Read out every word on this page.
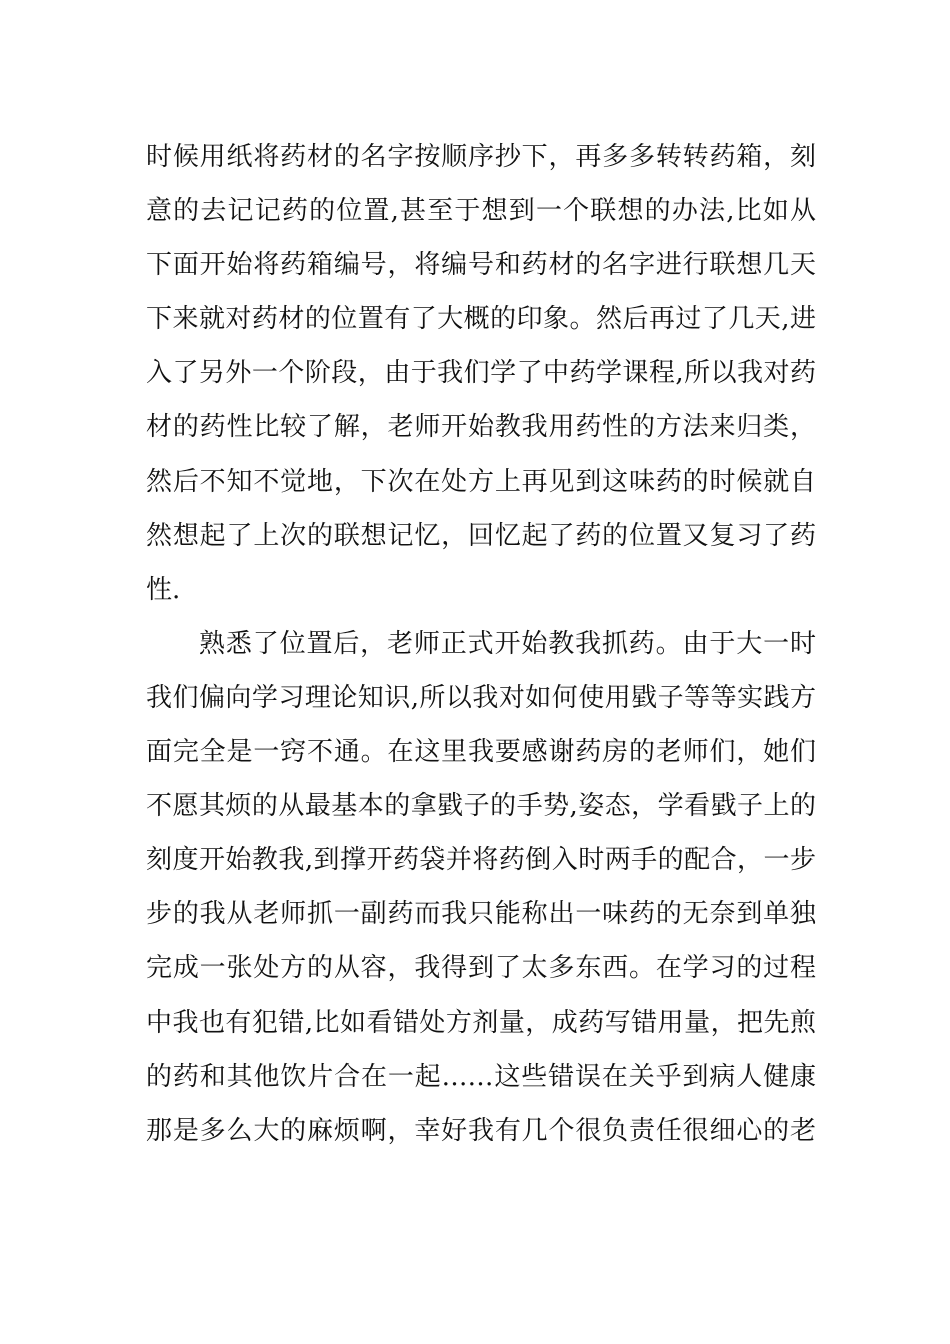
时候用纸将药材的名字按顺序抄下，再多多转转药箱，刻
意的去记记药的位置,甚至于想到一个联想的办法,比如从
下面开始将药箱编号，将编号和药材的名字进行联想几天
下来就对药材的位置有了大概的印象。然后再过了几天,进
入了另外一个阶段，由于我们学了中药学课程,所以我对药
材的药性比较了解，老师开始教我用药性的方法来归类，
然后不知不觉地，下次在处方上再见到这味药的时候就自
然想起了上次的联想记忆，回忆起了药的位置又复习了药
性.
熟悉了位置后，老师正式开始教我抓药。由于大一时
我们偏向学习理论知识,所以我对如何使用戥子等等实践方
面完全是一窍不通。在这里我要感谢药房的老师们，她们
不愿其烦的从最基本的拿戥子的手势,姿态，学看戥子上的
刻度开始教我,到撑开药袋并将药倒入时两手的配合，一步
步的我从老师抓一副药而我只能称出一味药的无奈到单独
完成一张处方的从容，我得到了太多东西。在学习的过程
中我也有犯错,比如看错处方剂量，成药写错用量，把先煎
的药和其他饮片合在一起……这些错误在关乎到病人健康
那是多么大的麻烦啊，幸好我有几个很负责任很细心的老
